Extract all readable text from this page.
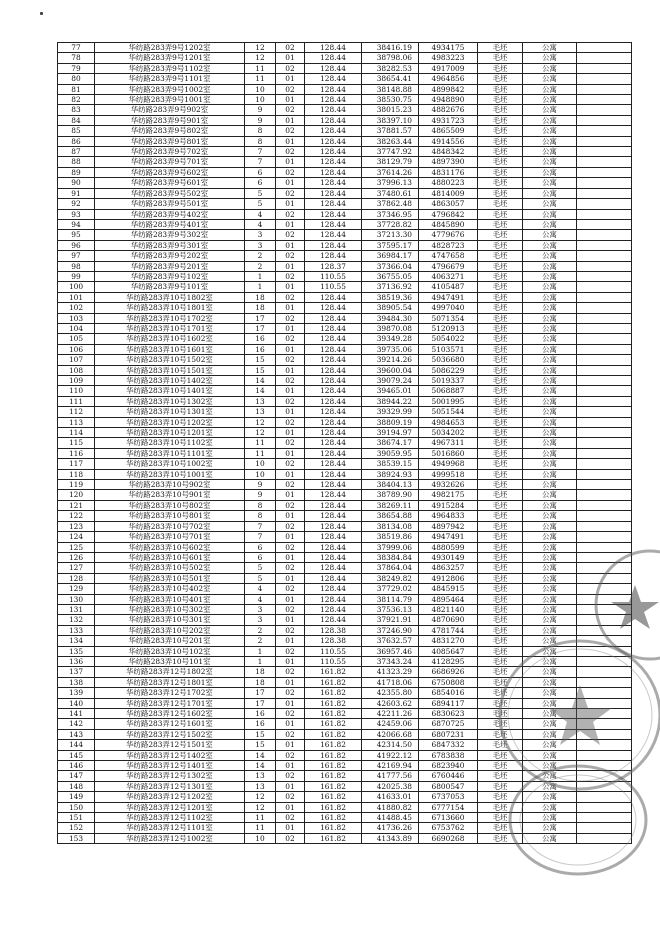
77	华纺路283弄9号1202室	12	02	128.44	38416.19	4934175	毛坯	公寓	
78	华纺路283弄9号1201室	12	01	128.44	38798.06	4983223	毛坯	公寓	
79	华纺路283弄9号1102室	11	02	128.44	38282.53	4917009	毛坯	公寓	
80	华纺路283弄9号1101室	11	01	128.44	38654.41	4964856	毛坯	公寓	
81	华纺路283弄9号1002室	10	02	128.44	38148.88	4899842	毛坯	公寓	
82	华纺路283弄9号1001室	10	01	128.44	38530.75	4948890	毛坯	公寓	
83	华纺路283弄9号902室	9	02	128.44	38015.23	4882676	毛坯	公寓	
84	华纺路283弄9号901室	9	01	128.44	38397.10	4931723	毛坯	公寓	
85	华纺路283弄9号802室	8	02	128.44	37881.57	4865509	毛坯	公寓	
86	华纺路283弄9号801室	8	01	128.44	38263.44	4914556	毛坯	公寓	
87	华纺路283弄9号702室	7	02	128.44	37747.92	4848342	毛坯	公寓	
88	华纺路283弄9号701室	7	01	128.44	38129.79	4897390	毛坯	公寓	
89	华纺路283弄9号602室	6	02	128.44	37614.26	4831176	毛坯	公寓	
90	华纺路283弄9号601室	6	01	128.44	37996.13	4880223	毛坯	公寓	
91	华纺路283弄9号502室	5	02	128.44	37480.61	4814009	毛坯	公寓	
92	华纺路283弄9号501室	5	01	128.44	37862.48	4863057	毛坯	公寓	
93	华纺路283弄9号402室	4	02	128.44	37346.95	4796842	毛坯	公寓	
94	华纺路283弄9号401室	4	01	128.44	37728.82	4845890	毛坯	公寓	
95	华纺路283弄9号302室	3	02	128.44	37213.30	4779676	毛坯	公寓	
96	华纺路283弄9号301室	3	01	128.44	37595.17	4828723	毛坯	公寓	
97	华纺路283弄9号202室	2	02	128.44	36984.17	4747658	毛坯	公寓	
98	华纺路283弄9号201室	2	01	128.37	37366.04	4796679	毛坯	公寓	
99	华纺路283弄9号102室	1	02	110.55	36755.05	4063271	毛坯	公寓	
100	华纺路283弄9号101室	1	01	110.55	37136.92	4105487	毛坯	公寓	
101	华纺路283弄10号1802室	18	02	128.44	38519.36	4947491	毛坯	公寓	
102	华纺路283弄10号1801室	18	01	128.44	38905.54	4997040	毛坯	公寓	
103	华纺路283弄10号1702室	17	02	128.44	39484.30	5071354	毛坯	公寓	
104	华纺路283弄10号1701室	17	01	128.44	39870.08	5120913	毛坯	公寓	
105	华纺路283弄10号1602室	16	02	128.44	39349.28	5054022	毛坯	公寓	
106	华纺路283弄10号1601室	16	01	128.44	39735.06	5103571	毛坯	公寓	
107	华纺路283弄10号1502室	15	02	128.44	39214.26	5036680	毛坯	公寓	
108	华纺路283弄10号1501室	15	01	128.44	39600.04	5086229	毛坯	公寓	
109	华纺路283弄10号1402室	14	02	128.44	39079.24	5019337	毛坯	公寓	
110	华纺路283弄10号1401室	14	01	128.44	39465.01	5068887	毛坯	公寓	
111	华纺路283弄10号1302室	13	02	128.44	38944.22	5001995	毛坯	公寓	
112	华纺路283弄10号1301室	13	01	128.44	39329.99	5051544	毛坯	公寓	
113	华纺路283弄10号1202室	12	02	128.44	38809.19	4984653	毛坯	公寓	
114	华纺路283弄10号1201室	12	01	128.44	39194.97	5034202	毛坯	公寓	
115	华纺路283弄10号1102室	11	02	128.44	38674.17	4967311	毛坯	公寓	
116	华纺路283弄10号1101室	11	01	128.44	39059.95	5016860	毛坯	公寓	
117	华纺路283弄10号1002室	10	02	128.44	38539.15	4949968	毛坯	公寓	
118	华纺路283弄10号1001室	10	01	128.44	38924.93	4999518	毛坯	公寓	
119	华纺路283弄10号902室	9	02	128.44	38404.13	4932626	毛坯	公寓	
120	华纺路283弄10号901室	9	01	128.44	38789.90	4982175	毛坯	公寓	
121	华纺路283弄10号802室	8	02	128.44	38269.11	4915284	毛坯	公寓	
122	华纺路283弄10号801室	8	01	128.44	38654.88	4964833	毛坯	公寓	
123	华纺路283弄10号702室	7	02	128.44	38134.08	4897942	毛坯	公寓	
124	华纺路283弄10号701室	7	01	128.44	38519.86	4947491	毛坯	公寓	
125	华纺路283弄10号602室	6	02	128.44	37999.06	4880599	毛坯	公寓	
126	华纺路283弄10号601室	6	01	128.44	38384.84	4930149	毛坯	公寓	
127	华纺路283弄10号502室	5	02	128.44	37864.04	4863257	毛坯	公寓	
128	华纺路283弄10号501室	5	01	128.44	38249.82	4912806	毛坯	公寓	
129	华纺路283弄10号402室	4	02	128.44	37729.02	4845915	毛坯	公寓	
130	华纺路283弄10号401室	4	01	128.44	38114.79	4895464	毛坯	公寓	
131	华纺路283弄10号302室	3	02	128.44	37536.13	4821140	毛坯	公寓	
132	华纺路283弄10号301室	3	01	128.44	37921.91	4870690	毛坯	公寓	
133	华纺路283弄10号202室	2	02	128.38	37246.90	4781744	毛坯	公寓	
134	华纺路283弄10号201室	2	01	128.38	37632.57	4831270	毛坯	公寓	
135	华纺路283弄10号102室	1	02	110.55	36957.46	4085647	毛坯	公寓	
136	华纺路283弄10号101室	1	01	110.55	37343.24	4128295	毛坯	公寓	
137	华纺路283弄12号1802室	18	02	161.82	41323.29	6686926	毛坯	公寓	
138	华纺路283弄12号1801室	18	01	161.82	41718.06	6750808	毛坯	公寓	
139	华纺路283弄12号1702室	17	02	161.82	42355.80	6854016	毛坯	公寓	
140	华纺路283弄12号1701室	17	01	161.82	42603.62	6894117	毛坯	公寓	
141	华纺路283弄12号1602室	16	02	161.82	42211.26	6830623	毛坯	公寓	
142	华纺路283弄12号1601室	16	01	161.82	42459.06	6870725	毛坯	公寓	
143	华纺路283弄12号1502室	15	02	161.82	42066.68	6807231	毛坯	公寓	
144	华纺路283弄12号1501室	15	01	161.82	42314.50	6847332	毛坯	公寓	
145	华纺路283弄12号1402室	14	02	161.82	41922.12	6783838	毛坯	公寓	
146	华纺路283弄12号1401室	14	01	161.82	42169.94	6823940	毛坯	公寓	
147	华纺路283弄12号1302室	13	02	161.82	41777.56	6760446	毛坯	公寓	
148	华纺路283弄12号1301室	13	01	161.82	42025.38	6800547	毛坯	公寓	
149	华纺路283弄12号1202室	12	02	161.82	41633.01	6737053	毛坯	公寓	
150	华纺路283弄12号1201室	12	01	161.82	41880.82	6777154	毛坯	公寓	
151	华纺路283弄12号1102室	11	02	161.82	41488.45	6713660	毛坯	公寓	
152	华纺路283弄12号1101室	11	01	161.82	41736.26	6753762	毛坯	公寓	
153	华纺路283弄12号1002室	10	02	161.82	41343.89	6690268	毛坯	公寓	
